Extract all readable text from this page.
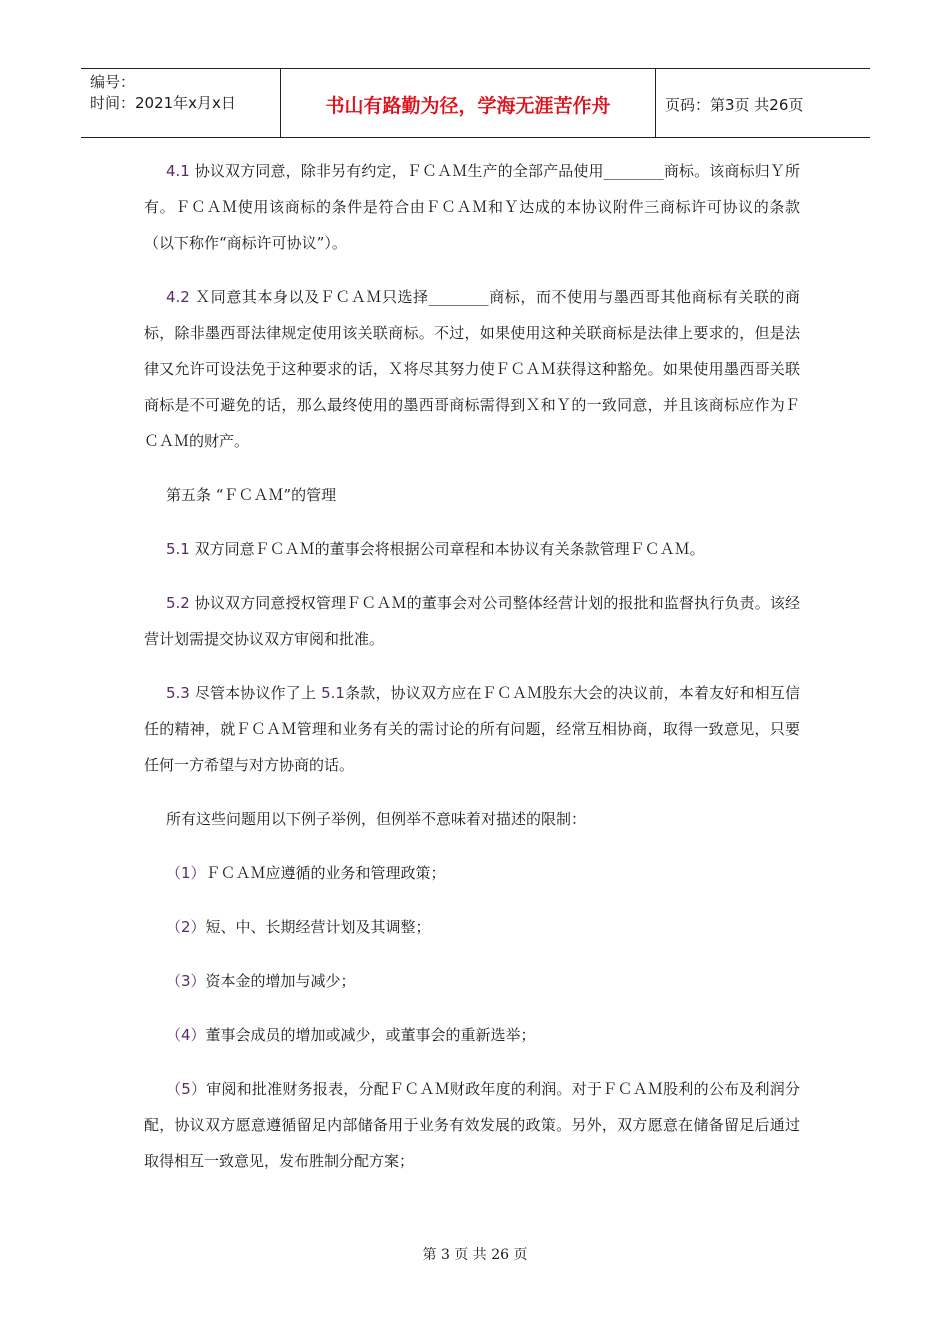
编号：
时间：2021年x月x日	书山有路勤为径，学海无涯苦作舟	页码：第3页 共26页

4.1 协议双方同意，除非另有约定，ＦＣＡＭ生产的全部产品使用________商标。该商标归Ｙ所有。ＦＣＡＭ使用该商标的条件是符合由ＦＣＡＭ和Ｙ达成的本协议附件三商标许可协议的条款（以下称作“商标许可协议”）。

4.2 Ｘ同意其本身以及ＦＣＡＭ只选择________商标，而不使用与墨西哥其他商标有关联的商标，除非墨西哥法律规定使用该关联商标。不过，如果使用这种关联商标是法律上要求的，但是法律又允许可设法免于这种要求的话，Ｘ将尽其努力使ＦＣＡＭ获得这种豁免。如果使用墨西哥关联商标是不可避免的话，那么最终使用的墨西哥商标需得到Ｘ和Ｙ的一致同意，并且该商标应作为ＦＣＡＭ的财产。

第五条 “ＦＣＡＭ”的管理

5.1 双方同意ＦＣＡＭ的董事会将根据公司章程和本协议有关条款管理ＦＣＡＭ。

5.2 协议双方同意授权管理ＦＣＡＭ的董事会对公司整体经营计划的报批和监督执行负责。该经营计划需提交协议双方审阅和批准。

5.3 尽管本协议作了上 5.1条款，协议双方应在ＦＣＡＭ股东大会的决议前，本着友好和相互信任的精神，就ＦＣＡＭ管理和业务有关的需讨论的所有问题，经常互相协商，取得一致意见，只要任何一方希望与对方协商的话。

所有这些问题用以下例子举例，但例举不意味着对描述的限制：

（1）ＦＣＡＭ应遵循的业务和管理政策；

（2）短、中、长期经营计划及其调整；

（3）资本金的增加与减少；

（4）董事会成员的增加或减少，或董事会的重新选举；

（5）审阅和批准财务报表，分配ＦＣＡＭ财政年度的利润。对于ＦＣＡＭ股利的公布及利润分配，协议双方愿意遵循留足内部储备用于业务有效发展的政策。另外，双方愿意在储备留足后通过取得相互一致意见，发布胜制分配方案；

第 3 页 共 26 页
